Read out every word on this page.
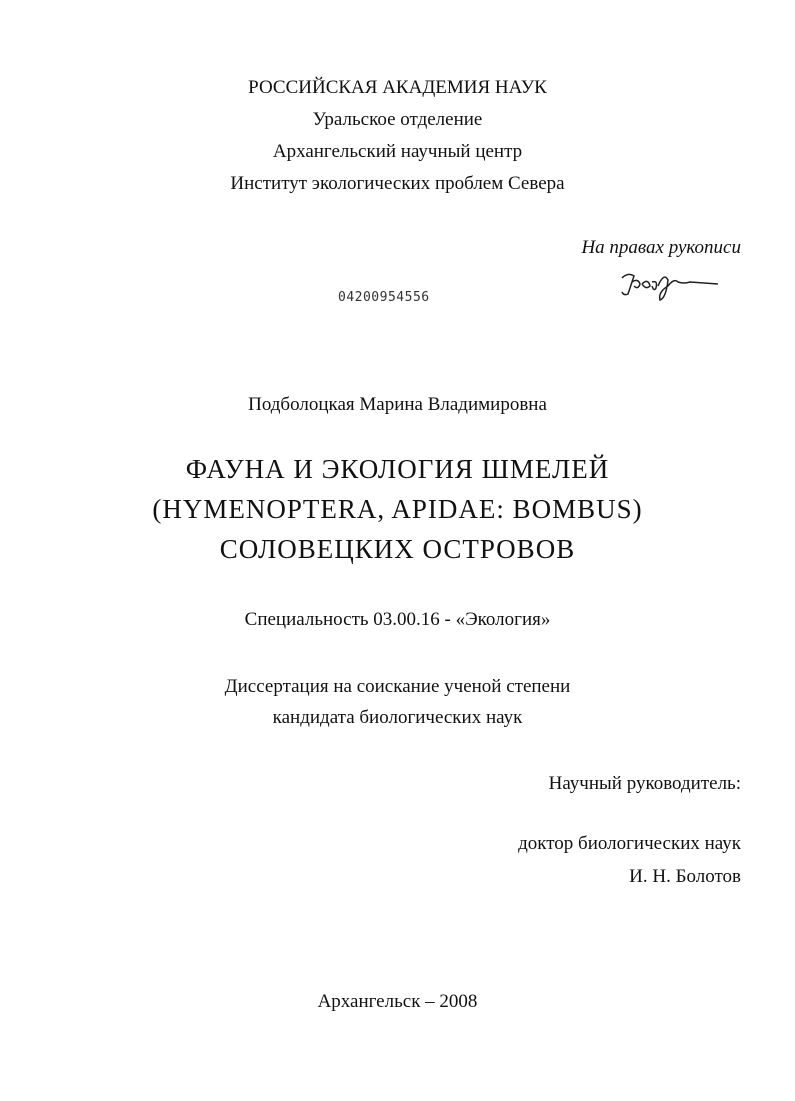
РОССИЙСКАЯ АКАДЕМИЯ НАУК
Уральское отделение
Архангельский научный центр
Институт экологических проблем Севера
На правах рукописи
04200954556
Подболоцкая Марина Владимировна
ФАУНА И ЭКОЛОГИЯ ШМЕЛЕЙ
(HYMENOPTERA, APIDAE: BOMBUS)
СОЛОВЕЦКИХ ОСТРОВОВ
Специальность 03.00.16 - «Экология»
Диссертация на соискание ученой степени
кандидата биологических наук
Научный руководитель:
доктор биологических наук
И. Н. Болотов
Архангельск – 2008
